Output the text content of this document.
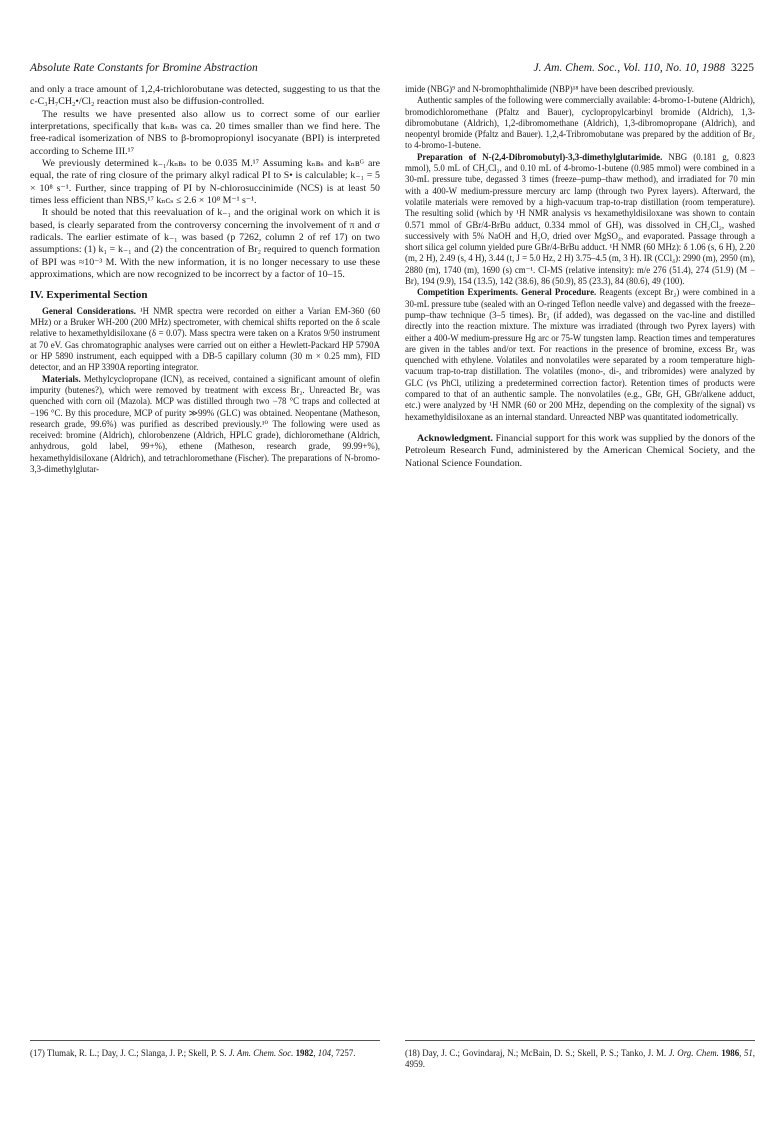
Absolute Rate Constants for Bromine Abstraction	J. Am. Chem. Soc., Vol. 110, No. 10, 1988 3225

and only a trace amount of 1,2,4-trichlorobutane was detected, suggesting to us that the c-C₃H₇CH₂•/Cl₂ reaction must also be diffusion-controlled.

The results we have presented also allow us to correct some of our earlier interpretations, specifically that kₙʙₛ was ca. 20 times smaller than we find here. The free-radical isomerization of NBS to β-bromopropionyl isocyanate (BPI) is interpreted according to Scheme III.¹⁷

We previously determined k₋₁/kₙʙₛ to be 0.035 M.¹⁷ Assuming kₙʙₛ and kₙʙᴳ are equal, the rate of ring closure of the primary alkyl radical PI to S• is calculable; k₋₁ = 5 × 10⁸ s⁻¹. Further, since trapping of PI by N-chlorosuccinimide (NCS) is at least 50 times less efficient than NBS,¹⁷ kₙᴄₛ ≤ 2.6 × 10⁸ M⁻¹ s⁻¹.

It should be noted that this reevaluation of k₋₁ and the original work on which it is based, is clearly separated from the controversy concerning the involvement of π and σ radicals. The earlier estimate of k₋₁ was based (p 7262, column 2 of ref 17) on two assumptions: (1) k₁ = k₋₁ and (2) the concentration of Br₂ required to quench formation of BPI was ≈10⁻³ M. With the new information, it is no longer necessary to use these approximations, which are now recognized to be incorrect by a factor of 10–15.

IV. Experimental Section

General Considerations. ¹H NMR spectra were recorded on either a Varian EM-360 (60 MHz) or a Bruker WH-200 (200 MHz) spectrometer, with chemical shifts reported on the δ scale relative to hexamethyldisiloxane (δ = 0.07). Mass spectra were taken on a Kratos 9/50 instrument at 70 eV. Gas chromatographic analyses were carried out on either a Hewlett-Packard HP 5790A or HP 5890 instrument, each equipped with a DB-5 capillary column (30 m × 0.25 mm), FID detector, and an HP 3390A reporting integrator.

Materials. Methylcyclopropane (ICN), as received, contained a significant amount of olefin impurity (butenes?), which were removed by treatment with excess Br₂. Unreacted Br₂ was quenched with corn oil (Mazola). MCP was distilled through two −78 °C traps and collected at −196 °C. By this procedure, MCP of purity ≫99% (GLC) was obtained. Neopentane (Matheson, research grade, 99.6%) was purified as described previously.¹⁰ The following were used as received: bromine (Aldrich), chlorobenzene (Aldrich, HPLC grade), dichloromethane (Aldrich, anhydrous, gold label, 99+%), ethene (Matheson, research grade, 99.99+%), hexamethyldisiloxane (Aldrich), and tetrachloromethane (Fischer). The preparations of N-bromo-3,3-dimethylglutar-

imide (NBG)⁹ and N-bromophthalimide (NBP)¹⁸ have been described previously.

Authentic samples of the following were commercially available: 4-bromo-1-butene (Aldrich), bromodichloromethane (Pfaltz and Bauer), cyclopropylcarbinyl bromide (Aldrich), 1,3-dibromobutane (Aldrich), 1,2-dibromomethane (Aldrich), 1,3-dibromopropane (Aldrich), and neopentyl bromide (Pfaltz and Bauer). 1,2,4-Tribromobutane was prepared by the addition of Br₂ to 4-bromo-1-butene.

Preparation of N-(2,4-Dibromobutyl)-3,3-dimethylglutarimide. NBG (0.181 g, 0.823 mmol), 5.0 mL of CH₂Cl₂, and 0.10 mL of 4-bromo-1-butene (0.985 mmol) were combined in a 30-mL pressure tube, degassed 3 times (freeze–pump–thaw method), and irradiated for 70 min with a 400-W medium-pressure mercury arc lamp (through two Pyrex layers). Afterward, the volatile materials were removed by a high-vacuum trap-to-trap distillation (room temperature). The resulting solid (which by ¹H NMR analysis vs hexamethyldisiloxane was shown to contain 0.571 mmol of GBr/4-BrBu adduct, 0.334 mmol of GH), was dissolved in CH₂Cl₂, washed successively with 5% NaOH and H₂O, dried over MgSO₄, and evaporated. Passage through a short silica gel column yielded pure GBr/4-BrBu adduct. ¹H NMR (60 MHz): δ 1.06 (s, 6 H), 2.20 (m, 2 H), 2.49 (s, 4 H), 3.44 (t, J = 5.0 Hz, 2 H) 3.75–4.5 (m, 3 H). IR (CCl₄): 2990 (m), 2950 (m), 2880 (m), 1740 (m), 1690 (s) cm⁻¹. CI-MS (relative intensity): m/e 276 (51.4), 274 (51.9) (M − Br), 194 (9.9), 154 (13.5), 142 (38.6), 86 (50.9), 85 (23.3), 84 (80.6), 49 (100).

Competition Experiments. General Procedure. Reagents (except Br₂) were combined in a 30-mL pressure tube (sealed with an O-ringed Teflon needle valve) and degassed with the freeze–pump–thaw technique (3–5 times). Br₂ (if added), was degassed on the vac-line and distilled directly into the reaction mixture. The mixture was irradiated (through two Pyrex layers) with either a 400-W medium-pressure Hg arc or 75-W tungsten lamp. Reaction times and temperatures are given in the tables and/or text. For reactions in the presence of bromine, excess Br₂ was quenched with ethylene. Volatiles and nonvolatiles were separated by a room temperature high-vacuum trap-to-trap distillation. The volatiles (mono-, di-, and tribromides) were analyzed by GLC (vs PhCl, utilizing a predetermined correction factor). Retention times of products were compared to that of an authentic sample. The nonvolatiles (e.g., GBr, GH, GBr/alkene adduct, etc.) were analyzed by ¹H NMR (60 or 200 MHz, depending on the complexity of the signal) vs hexamethyldisiloxane as an internal standard. Unreacted NBP was quantitated iodometrically.

Acknowledgment. Financial support for this work was supplied by the donors of the Petroleum Research Fund, administered by the American Chemical Society, and the National Science Foundation.

(17) Tlumak, R. L.; Day, J. C.; Slanga, J. P.; Skell, P. S. J. Am. Chem. Soc. 1982, 104, 7257.	(18) Day, J. C.; Govindaraj, N.; McBain, D. S.; Skell, P. S.; Tanko, J. M. J. Org. Chem. 1986, 51, 4959.
